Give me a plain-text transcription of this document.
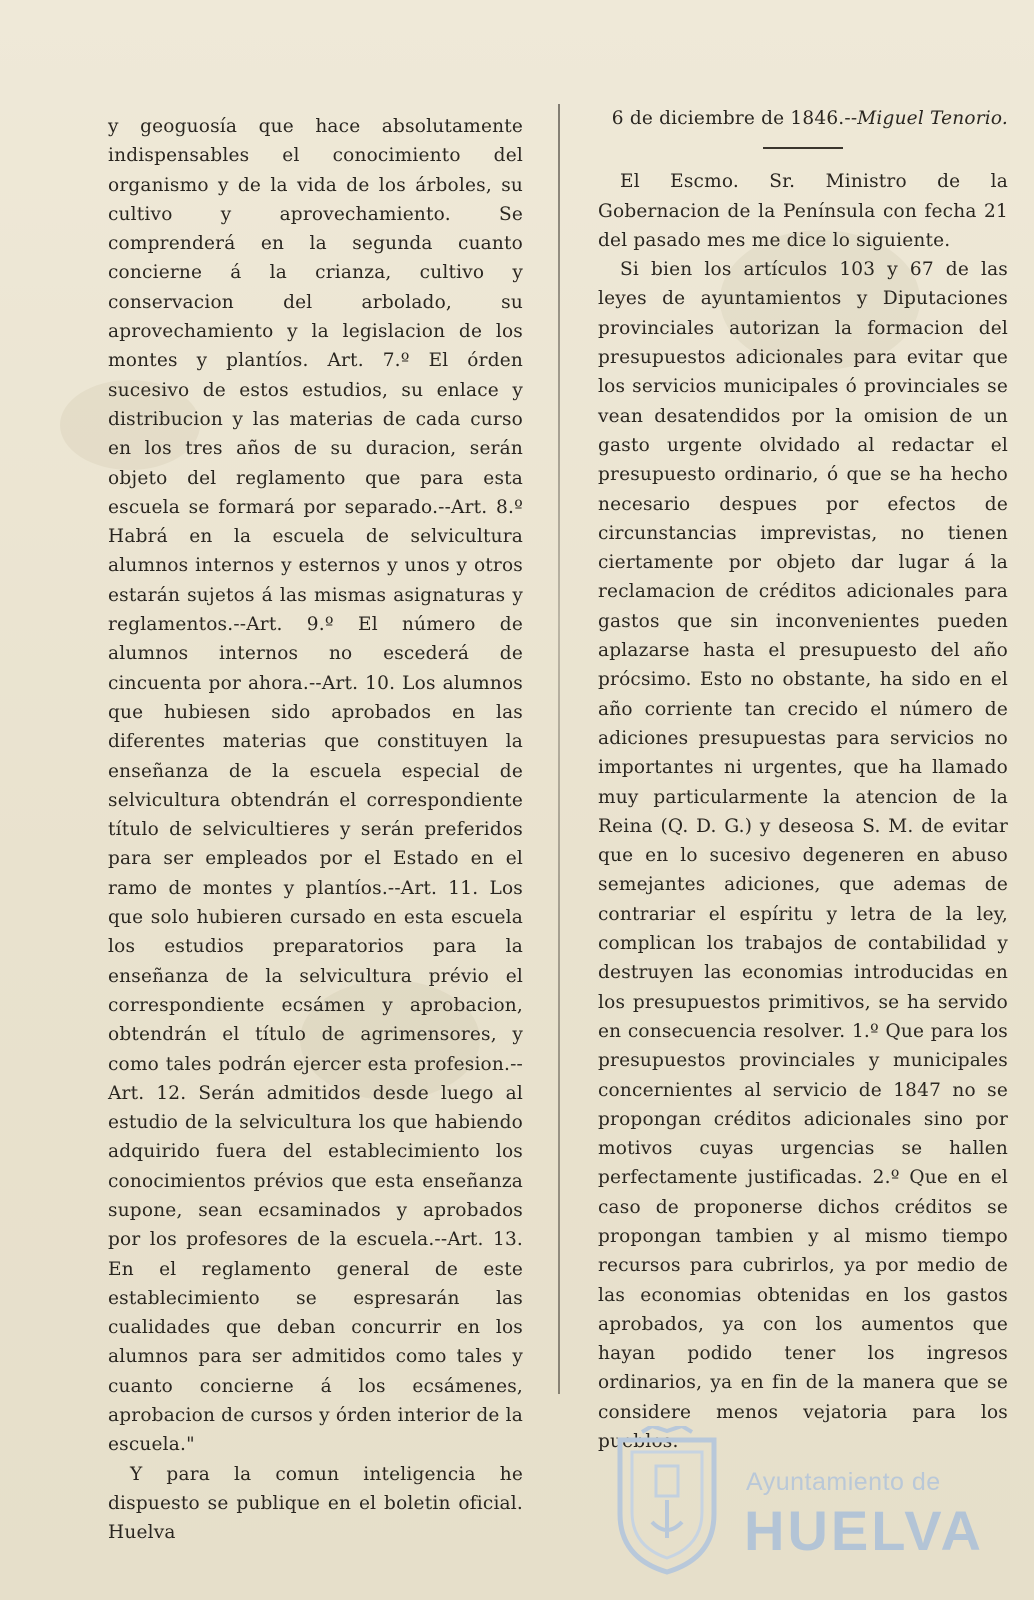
y geoguosía que hace absolutamente indispensables el conocimiento del organismo y de la vida de los árboles, su cultivo y aprovechamiento. Se comprenderá en la segunda cuanto concierne á la crianza, cultivo y conservacion del arbolado, su aprovechamiento y la legislacion de los montes y plantíos. Art. 7.º El órden sucesivo de estos estudios, su enlace y distribucion y las materias de cada curso en los tres años de su duracion, serán objeto del reglamento que para esta escuela se formará por separado.--Art. 8.º Habrá en la escuela de selvicultura alumnos internos y esternos y unos y otros estarán sujetos á las mismas asignaturas y reglamentos.--Art. 9.º El número de alumnos internos no escederá de cincuenta por ahora.--Art. 10. Los alumnos que hubiesen sido aprobados en las diferentes materias que constituyen la enseñanza de la escuela especial de selvicultura obtendrán el correspondiente título de selvicultieres y serán preferidos para ser empleados por el Estado en el ramo de montes y plantíos.--Art. 11. Los que solo hubieren cursado en esta escuela los estudios preparatorios para la enseñanza de la selvicultura prévio el correspondiente ecsámen y aprobacion, obtendrán el título de agrimensores, y como tales podrán ejercer esta profesion.--Art. 12. Serán admitidos desde luego al estudio de la selvicultura los que habiendo adquirido fuera del establecimiento los conocimientos prévios que esta enseñanza supone, sean ecsaminados y aprobados por los profesores de la escuela.--Art. 13. En el reglamento general de este establecimiento se espresarán las cualidades que deban concurrir en los alumnos para ser admitidos como tales y cuanto concierne á los ecsámenes, aprobacion de cursos y órden interior de la escuela."

Y para la comun inteligencia he dispuesto se publique en el boletin oficial. Huelva

6 de diciembre de 1846.--Miguel Tenorio.

El Escmo. Sr. Ministro de la Gobernacion de la Península con fecha 21 del pasado mes me dice lo siguiente.

Si bien los artículos 103 y 67 de las leyes de ayuntamientos y Diputaciones provinciales autorizan la formacion del presupuestos adicionales para evitar que los servicios municipales ó provinciales se vean desatendidos por la omision de un gasto urgente olvidado al redactar el presupuesto ordinario, ó que se ha hecho necesario despues por efectos de circunstancias imprevistas, no tienen ciertamente por objeto dar lugar á la reclamacion de créditos adicionales para gastos que sin inconvenientes pueden aplazarse hasta el presupuesto del año prócsimo. Esto no obstante, ha sido en el año corriente tan crecido el número de adiciones presupuestas para servicios no importantes ni urgentes, que ha llamado muy particularmente la atencion de la Reina (Q. D. G.) y deseosa S. M. de evitar que en lo sucesivo degeneren en abuso semejantes adiciones, que ademas de contrariar el espíritu y letra de la ley, complican los trabajos de contabilidad y destruyen las economias introducidas en los presupuestos primitivos, se ha servido en consecuencia resolver. 1.º Que para los presupuestos provinciales y municipales concernientes al servicio de 1847 no se propongan créditos adicionales sino por motivos cuyas urgencias se hallen perfectamente justificadas. 2.º Que en el caso de proponerse dichos créditos se propongan tambien y al mismo tiempo recursos para cubrirlos, ya por medio de las economias obtenidas en los gastos aprobados, ya con los aumentos que hayan podido tener los ingresos ordinarios, ya en fin de la manera que se considere menos vejatoria para los pueblos.

Ayuntamiento de
HUELVA
